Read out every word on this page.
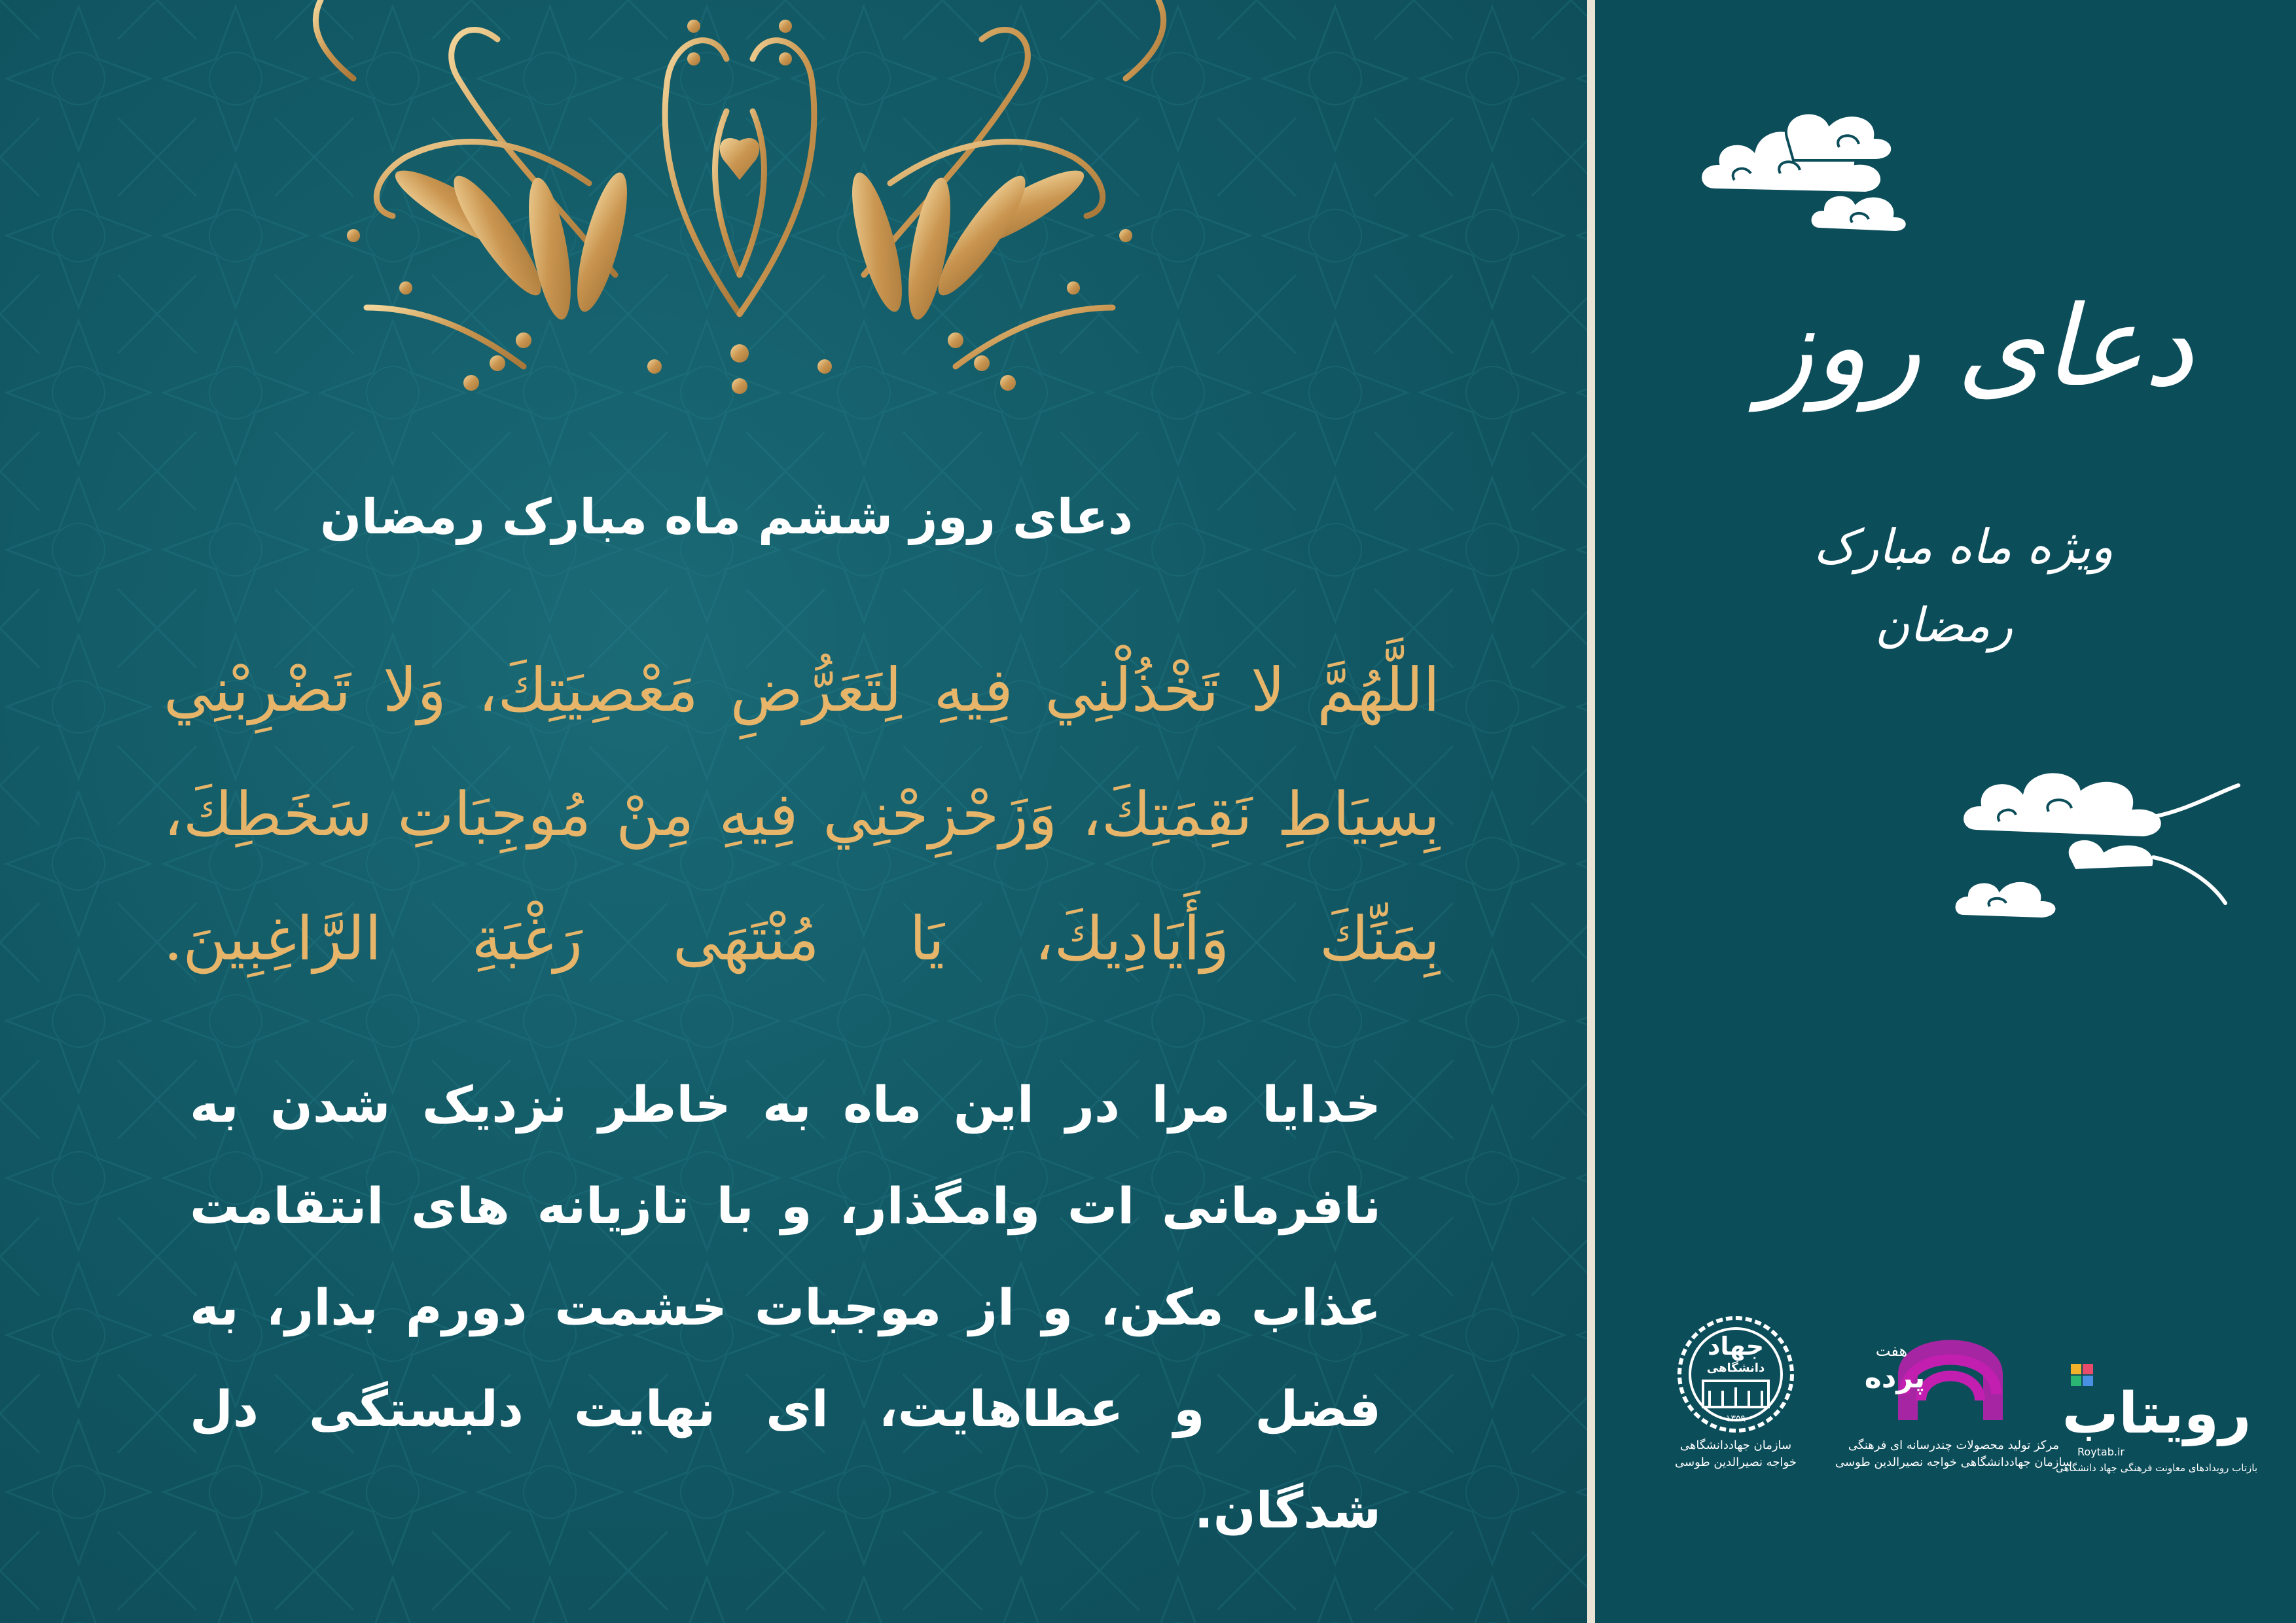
دعای روز ششم ماه مبارک رمضان
اللَّهُمَّ لا تَخْذُلْنِي فِيهِ لِتَعَرُّضِ مَعْصِيَتِكَ، وَلا تَضْرِبْنِي بِسِيَاطِ نَقِمَتِكَ، وَزَحْزِحْنِي فِيهِ مِنْ مُوجِبَاتِ سَخَطِكَ، بِمَنِّكَ وَأَيَادِيكَ، يَا مُنْتَهَى رَغْبَةِ الرَّاغِبِينَ.
خدایا مرا در این ماه به خاطر نزدیک شدن به نافرمانی ات وامگذار، و با تازیانه های انتقامت عذاب مکن، و از موجبات خشمت دورم بدار، به فضل و عطاهایت، ای نهایت دلبستگی دل شدگان.
دعای روز
ویژه ماه مبارک
رمضان
جهاد
دانشگاهی
۱۳۵۹
سازمان جهاددانشگاهی
خواجه نصیرالدین طوسی
هفت
پرده
مرکز تولید محصولات چندرسانه ای فرهنگی
سازمان جهاددانشگاهی خواجه نصیرالدین طوسی
رویتاب
Roytab.ir
بازتاب رویدادهای معاونت فرهنگی جهاد دانشگاهی
